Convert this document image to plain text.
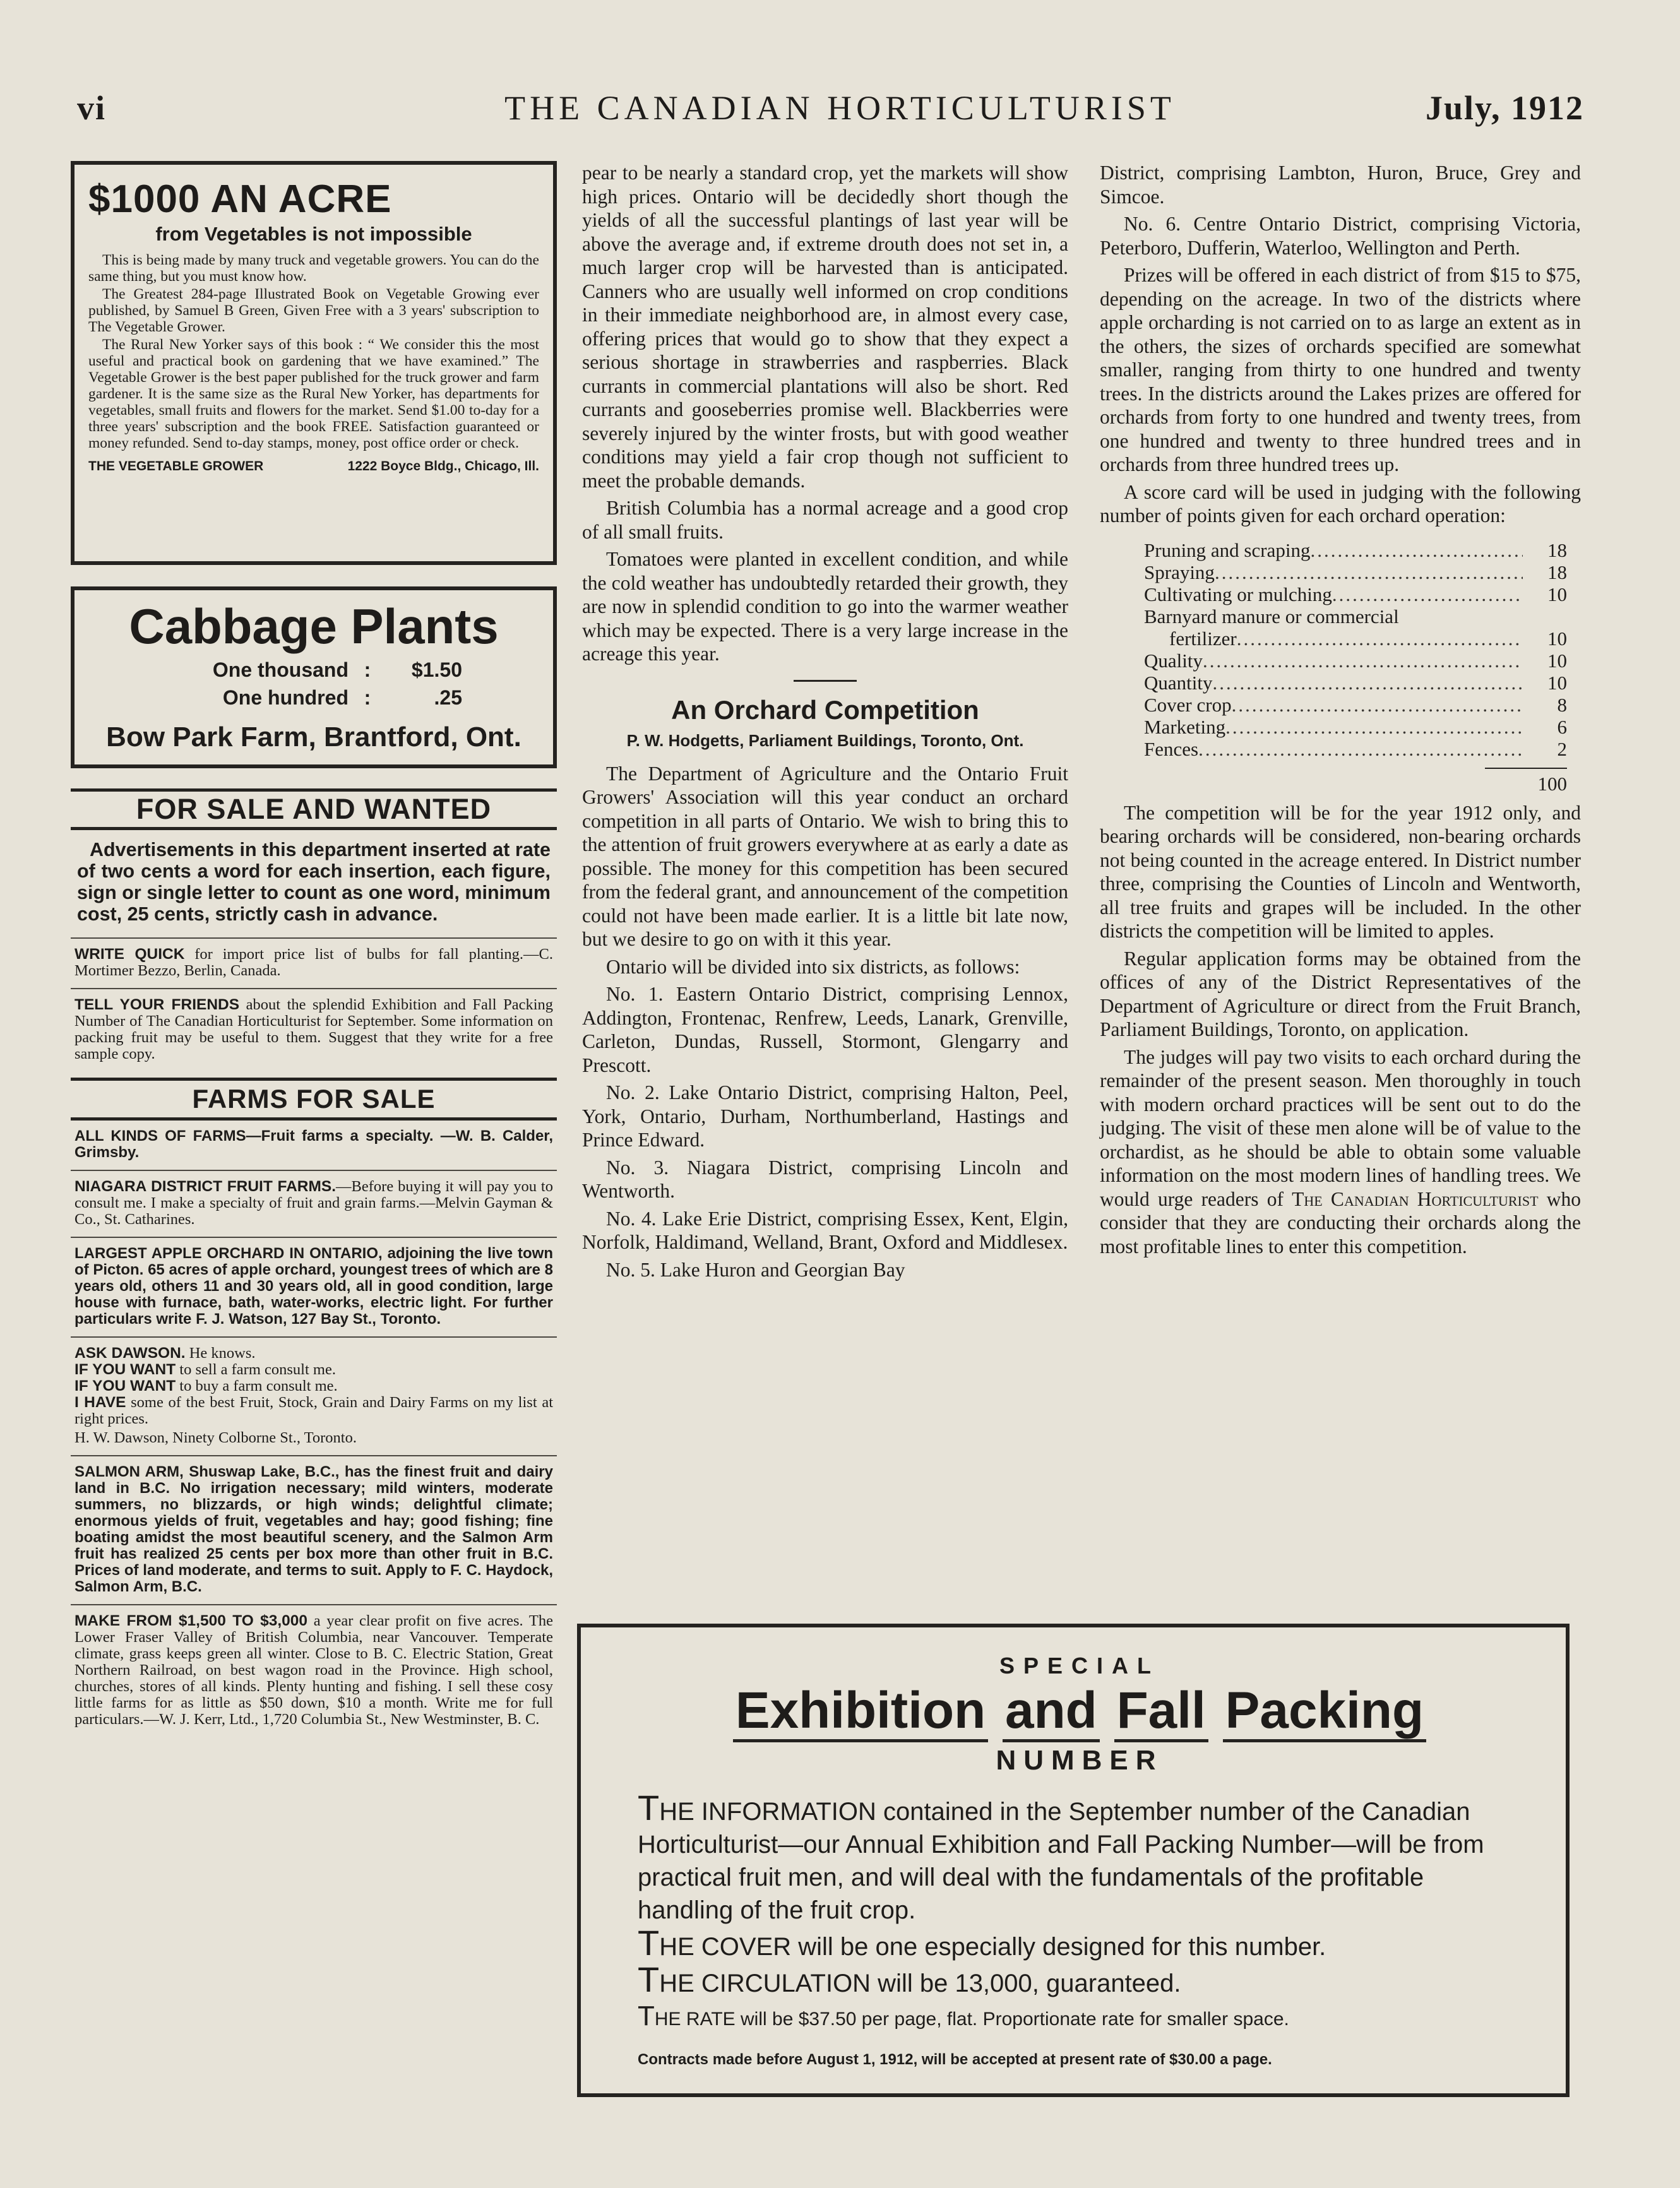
vi	THE CANADIAN HORTICULTURIST	July, 1912
$1000 AN ACRE
from Vegetables is not impossible

This is being made by many truck and vegetable growers. You can do the same thing, but you must know how.

The Greatest 284-page Illustrated Book on Vegetable Growing ever published, by Samuel B Green, Given Free with a 3 years' subscription to The Vegetable Grower.

The Rural New Yorker says of this book : “ We consider this the most useful and practical book on gardening that we have examined.” The Vegetable Grower is the best paper published for the truck grower and farm gardener. It is the same size as the Rural New Yorker, has departments for vegetables, small fruits and flowers for the market. Send $1.00 to-day for a three years' subscription and the book FREE. Satisfaction guaranteed or money refunded. Send to-day stamps, money, post office order or check.

THE VEGETABLE GROWER	1222 Boyce Bldg., Chicago, Ill.
Cabbage Plants
One thousand :	$1.50
One hundred :	.25
Bow Park Farm, Brantford, Ont.
FOR SALE AND WANTED
Advertisements in this department inserted at rate of two cents a word for each insertion, each figure, sign or single letter to count as one word, minimum cost, 25 cents, strictly cash in advance.

WRITE QUICK for import price list of bulbs for fall planting.—C. Mortimer Bezzo, Berlin, Canada.

TELL YOUR FRIENDS about the splendid Exhibition and Fall Packing Number of The Canadian Horticulturist for September. Some information on packing fruit may be useful to them. Suggest that they write for a free sample copy.

FARMS FOR SALE
ALL KINDS OF FARMS—Fruit farms a specialty. —W. B. Calder, Grimsby.

NIAGARA DISTRICT FRUIT FARMS.—Before buying it will pay you to consult me. I make a specialty of fruit and grain farms.—Melvin Gayman & Co., St. Catharines.

LARGEST APPLE ORCHARD IN ONTARIO, adjoining the live town of Picton. 65 acres of apple orchard, youngest trees of which are 8 years old, others 11 and 30 years old, all in good condition, large house with furnace, bath, water-works, electric light. For further particulars write F. J. Watson, 127 Bay St., Toronto.

ASK DAWSON. He knows.

IF YOU WANT to sell a farm consult me.

IF YOU WANT to buy a farm consult me.

I HAVE some of the best Fruit, Stock, Grain and Dairy Farms on my list at right prices.

H. W. Dawson, Ninety Colborne St., Toronto.

SALMON ARM, Shuswap Lake, B.C., has the finest fruit and dairy land in B.C. No irrigation necessary; mild winters, moderate summers, no blizzards, or high winds; delightful climate; enormous yields of fruit, vegetables and hay; good fishing; fine boating amidst the most beautiful scenery, and the Salmon Arm fruit has realized 25 cents per box more than other fruit in B.C. Prices of land moderate, and terms to suit. Apply to F. C. Haydock, Salmon Arm, B.C.

MAKE FROM $1,500 TO $3,000 a year clear profit on five acres. The Lower Fraser Valley of British Columbia, near Vancouver. Temperate climate, grass keeps green all winter. Close to B. C. Electric Station, Great Northern Railroad, on best wagon road in the Province. High school, churches, stores of all kinds. Plenty hunting and fishing. I sell these cosy little farms for as little as $50 down, $10 a month. Write me for full particulars.—W. J. Kerr, Ltd., 1,720 Columbia St., New Westminster, B. C.

pear to be nearly a standard crop, yet the markets will show high prices. Ontario will be decidedly short though the yields of all the successful plantings of last year will be above the average and, if extreme drouth does not set in, a much larger crop will be harvested than is anticipated. Canners who are usually well informed on crop conditions in their immediate neighborhood are, in almost every case, offering prices that would go to show that they expect a serious shortage in strawberries and raspberries. Black currants in commercial plantations will also be short. Red currants and gooseberries promise well. Blackberries were severely injured by the winter frosts, but with good weather conditions may yield a fair crop though not sufficient to meet the probable demands.

British Columbia has a normal acreage and a good crop of all small fruits.

Tomatoes were planted in excellent condition, and while the cold weather has undoubtedly retarded their growth, they are now in splendid condition to go into the warmer weather which may be expected. There is a very large increase in the acreage this year.

An Orchard Competition
P. W. Hodgetts, Parliament Buildings, Toronto, Ont.

The Department of Agriculture and the Ontario Fruit Growers' Association will this year conduct an orchard competition in all parts of Ontario. We wish to bring this to the attention of fruit growers everywhere at as early a date as possible. The money for this competition has been secured from the federal grant, and announcement of the competition could not have been made earlier. It is a little bit late now, but we desire to go on with it this year.

Ontario will be divided into six districts, as follows:

No. 1. Eastern Ontario District, comprising Lennox, Addington, Frontenac, Renfrew, Leeds, Lanark, Grenville, Carleton, Dundas, Russell, Stormont, Glengarry and Prescott.

No. 2. Lake Ontario District, comprising Halton, Peel, York, Ontario, Durham, Northumberland, Hastings and Prince Edward.

No. 3. Niagara District, comprising Lincoln and Wentworth.

No. 4. Lake Erie District, comprising Essex, Kent, Elgin, Norfolk, Haldimand, Welland, Brant, Oxford and Middlesex.

No. 5. Lake Huron and Georgian Bay

District, comprising Lambton, Huron, Bruce, Grey and Simcoe.

No. 6. Centre Ontario District, comprising Victoria, Peterboro, Dufferin, Waterloo, Wellington and Perth.

Prizes will be offered in each district of from $15 to $75, depending on the acreage. In two of the districts where apple orcharding is not carried on to as large an extent as in the others, the sizes of orchards specified are somewhat smaller, ranging from thirty to one hundred and twenty trees. In the districts around the Lakes prizes are offered for orchards from forty to one hundred and twenty trees, from one hundred and twenty to three hundred trees and in orchards from three hundred trees up.

A score card will be used in judging with the following number of points given for each orchard operation:

Pruning and scraping .....	18
Spraying .....	18
Cultivating or mulching .....	10
Barnyard manure or commercial
fertilizer .....	10
Quality .....	10
Quantity .....	10
Cover crop .....	8
Marketing .....	6
Fences .....	2
100

The competition will be for the year 1912 only, and bearing orchards will be considered, non-bearing orchards not being counted in the acreage entered. In District number three, comprising the Counties of Lincoln and Wentworth, all tree fruits and grapes will be included. In the other districts the competition will be limited to apples.

Regular application forms may be obtained from the offices of any of the District Representatives of the Department of Agriculture or direct from the Fruit Branch, Parliament Buildings, Toronto, on application.

The judges will pay two visits to each orchard during the remainder of the present season. Men thoroughly in touch with modern orchard practices will be sent out to do the judging. The visit of these men alone will be of value to the orchardist, as he should be able to obtain some valuable information on the most modern lines of handling trees. We would urge readers of The Canadian Horticulturist who consider that they are conducting their orchards along the most profitable lines to enter this competition.

SPECIAL
Exhibition and Fall Packing
NUMBER

THE INFORMATION contained in the September number of the Canadian Horticulturist—our Annual Exhibition and Fall Packing Number—will be from practical fruit men, and will deal with the fundamentals of the profitable handling of the fruit crop.

THE COVER will be one especially designed for this number.

THE CIRCULATION will be 13,000, guaranteed.

THE RATE will be $37.50 per page, flat. Proportionate rate for smaller space.

Contracts made before August 1, 1912, will be accepted at present rate of $30.00 a page.
